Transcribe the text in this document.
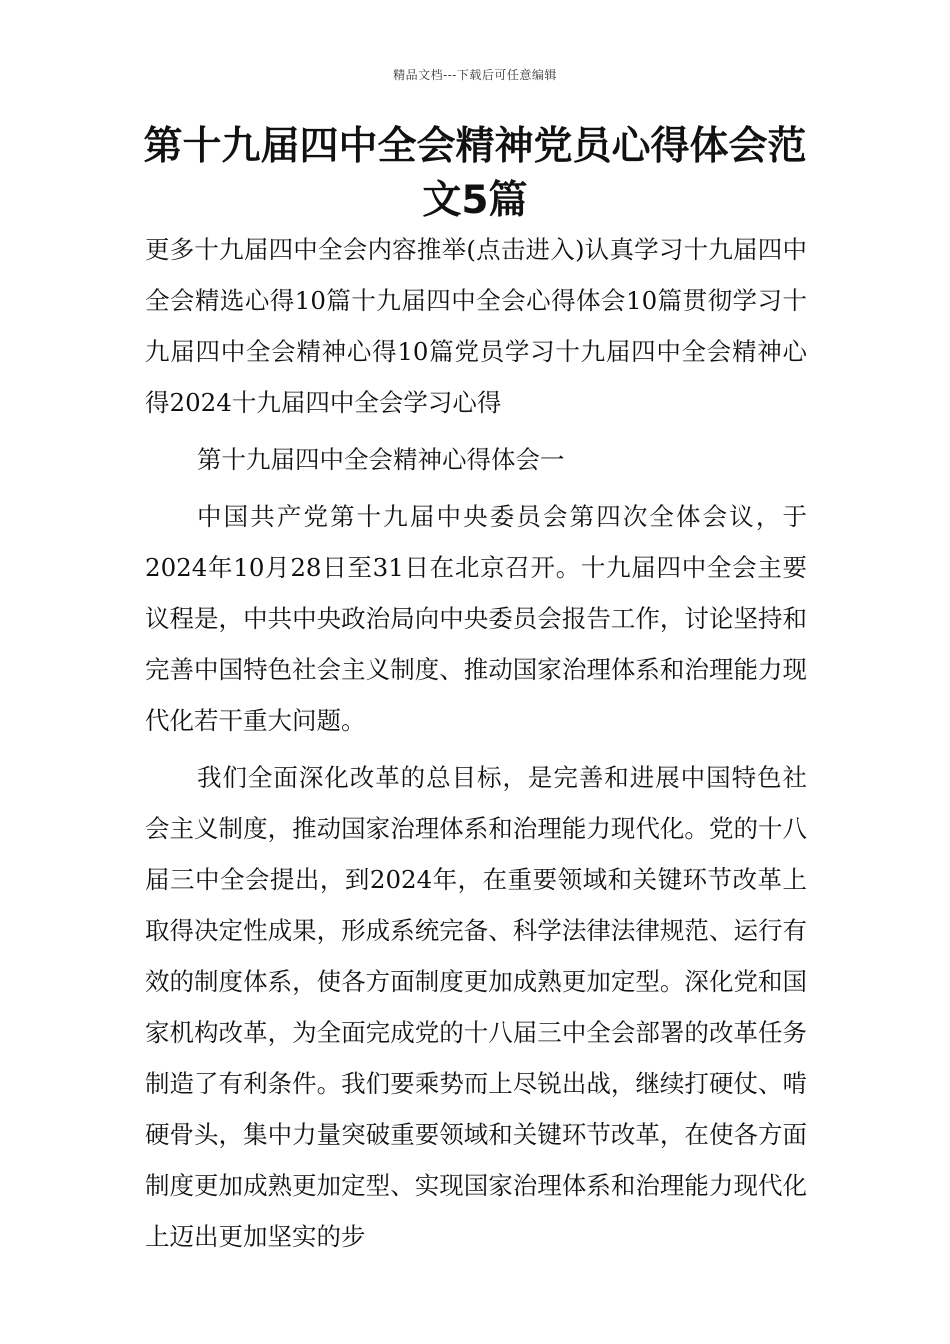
精品文档---下载后可任意编辑
第十九届四中全会精神党员心得体会范文5篇

更多十九届四中全会内容推举(点击进入)认真学习十九届四中全会精选心得10篇十九届四中全会心得体会10篇贯彻学习十九届四中全会精神心得10篇党员学习十九届四中全会精神心得2024十九届四中全会学习心得

第十九届四中全会精神心得体会一

中国共产党第十九届中央委员会第四次全体会议，于2024年10月28日至31日在北京召开。十九届四中全会主要议程是，中共中央政治局向中央委员会报告工作，讨论坚持和完善中国特色社会主义制度、推动国家治理体系和治理能力现代化若干重大问题。

我们全面深化改革的总目标，是完善和进展中国特色社会主义制度，推动国家治理体系和治理能力现代化。党的十八届三中全会提出，到2024年，在重要领域和关键环节改革上取得决定性成果，形成系统完备、科学法律法律规范、运行有效的制度体系，使各方面制度更加成熟更加定型。深化党和国家机构改革，为全面完成党的十八届三中全会部署的改革任务制造了有利条件。我们要乘势而上尽锐出战，继续打硬仗、啃硬骨头，集中力量突破重要领域和关键环节改革，在使各方面制度更加成熟更加定型、实现国家治理体系和治理能力现代化上迈出更加坚实的步
